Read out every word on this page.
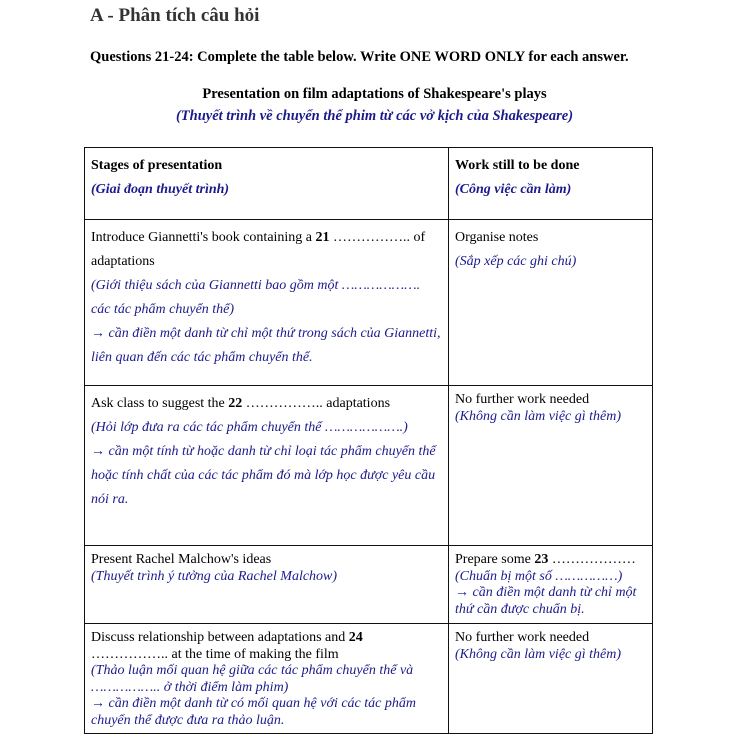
A - Phân tích câu hỏi

Questions 21-24: Complete the table below. Write ONE WORD ONLY for each answer.

Presentation on film adaptations of Shakespeare's plays

(Thuyết trình về chuyển thể phim từ các vở kịch của Shakespeare)

Stages of presentation
(Giai đoạn thuyết trình)	Work still to be done
(Công việc cần làm)

Introduce Giannetti's book containing a 21 …………….. of adaptations
(Giới thiệu sách của Giannetti bao gồm một ………………. các tác phẩm chuyển thể)
→ cần điền một danh từ chỉ một thứ trong sách của Giannetti, liên quan đến các tác phẩm chuyển thể.	Organise notes
(Sắp xếp các ghi chú)

Ask class to suggest the 22 …………….. adaptations
(Hỏi lớp đưa ra các tác phẩm chuyển thể ……………….)
→ cần một tính từ hoặc danh từ chỉ loại tác phẩm chuyển thể hoặc tính chất của các tác phẩm đó mà lớp học được yêu cầu nói ra.	No further work needed
(Không cần làm việc gì thêm)

Present Rachel Malchow's ideas
(Thuyết trình ý tưởng của Rachel Malchow)	Prepare some 23 ………………
(Chuẩn bị một số ……………)
→ cần điền một danh từ chỉ một thứ cần được chuẩn bị.

Discuss relationship between adaptations and 24 …………….. at the time of making the film
(Thảo luận mối quan hệ giữa các tác phẩm chuyển thể và …………….. ở thời điểm làm phim)
→ cần điền một danh từ có mối quan hệ với các tác phẩm chuyển thể được đưa ra thảo luận.	No further work needed
(Không cần làm việc gì thêm)
